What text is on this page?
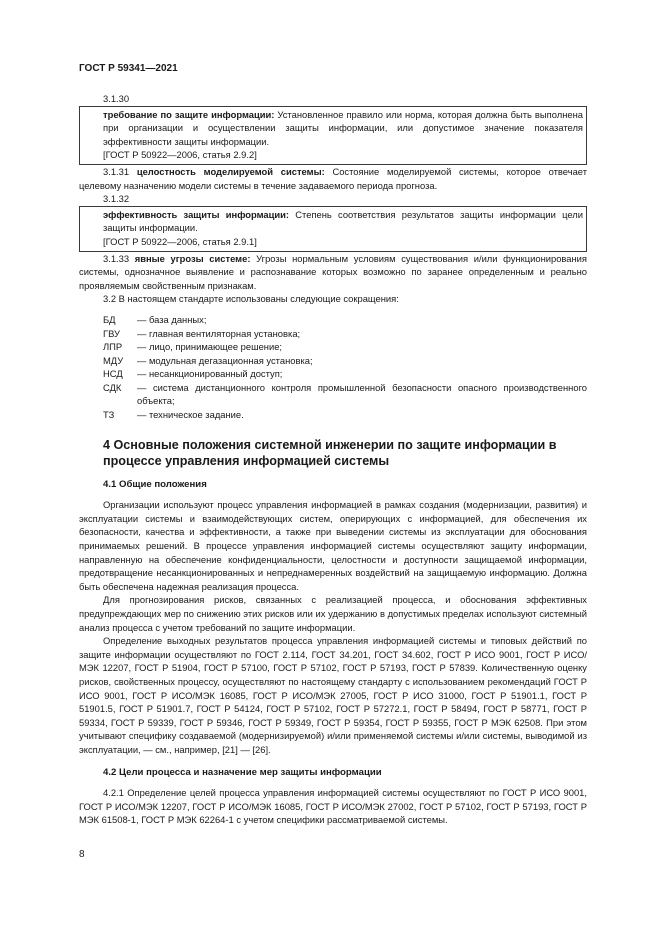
ГОСТ Р 59341—2021

3.1.30

требование по защите информации: Установленное правило или норма, которая должна быть выполнена при организации и осуществлении защиты информации, или допустимое значение показателя эффективности защиты информации.

[ГОСТ Р 50922—2006, статья 2.9.2]

3.1.31 целостность моделируемой системы: Состояние моделируемой системы, которое отвечает целевому назначению модели системы в течение задаваемого периода прогноза.

3.1.32

эффективность защиты информации: Степень соответствия результатов защиты информации цели защиты информации.

[ГОСТ Р 50922—2006, статья 2.9.1]

3.1.33 явные угрозы системе: Угрозы нормальным условиям существования и/или функционирования системы, однозначное выявление и распознавание которых возможно по заранее определенным и реально проявляемым свойственным признакам.

3.2 В настоящем стандарте использованы следующие сокращения:

БД	— база данных;
ГВУ	— главная вентиляторная установка;
ЛПР	— лицо, принимающее решение;
МДУ	— модульная дегазационная установка;
НСД	— несанкционированный доступ;
СДК	— система дистанционного контроля промышленной безопасности опасного производственного объекта;
ТЗ	— техническое задание.
4 Основные положения системной инженерии по защите информации в процессе управления информацией системы
4.1 Общие положения

Организации используют процесс управления информацией в рамках создания (модернизации, развития) и эксплуатации системы и взаимодействующих систем, оперирующих с информацией, для обеспечения их безопасности, качества и эффективности, а также при выведении системы из эксплуатации для обоснования принимаемых решений. В процессе управления информацией системы осуществляют защиту информации, направленную на обеспечение конфиденциальности, целостности и доступности защищаемой информации, предотвращение несанкционированных и непреднамеренных воздействий на защищаемую информацию. Должна быть обеспечена надежная реализация процесса.

Для прогнозирования рисков, связанных с реализацией процесса, и обоснования эффективных предупреждающих мер по снижению этих рисков или их удержанию в допустимых пределах используют системный анализ процесса с учетом требований по защите информации.

Определение выходных результатов процесса управления информацией системы и типовых действий по защите информации осуществляют по ГОСТ 2.114, ГОСТ 34.201, ГОСТ 34.602, ГОСТ Р ИСО 9001, ГОСТ Р ИСО/МЭК 12207, ГОСТ Р 51904, ГОСТ Р 57100, ГОСТ Р 57102, ГОСТ Р 57193, ГОСТ Р 57839. Количественную оценку рисков, свойственных процессу, осуществляют по настоящему стандарту с использованием рекомендаций ГОСТ Р ИСО 9001, ГОСТ Р ИСО/МЭК 16085, ГОСТ Р ИСО/МЭК 27005, ГОСТ Р ИСО 31000, ГОСТ Р 51901.1, ГОСТ Р 51901.5, ГОСТ Р 51901.7, ГОСТ Р 54124, ГОСТ Р 57102, ГОСТ Р 57272.1, ГОСТ Р 58494, ГОСТ Р 58771, ГОСТ Р 59334, ГОСТ Р 59339, ГОСТ Р 59346, ГОСТ Р 59349, ГОСТ Р 59354, ГОСТ Р 59355, ГОСТ Р МЭК 62508. При этом учитывают специфику создаваемой (модернизируемой) и/или применяемой системы и/или системы, выводимой из эксплуатации, — см., например, [21] — [26].

4.2 Цели процесса и назначение мер защиты информации

4.2.1 Определение целей процесса управления информацией системы осуществляют по ГОСТ Р ИСО 9001, ГОСТ Р ИСО/МЭК 12207, ГОСТ Р ИСО/МЭК 16085, ГОСТ Р ИСО/МЭК 27002, ГОСТ Р 57102, ГОСТ Р 57193, ГОСТ Р МЭК 61508-1, ГОСТ Р МЭК 62264-1 с учетом специфики рассматриваемой системы.

8
